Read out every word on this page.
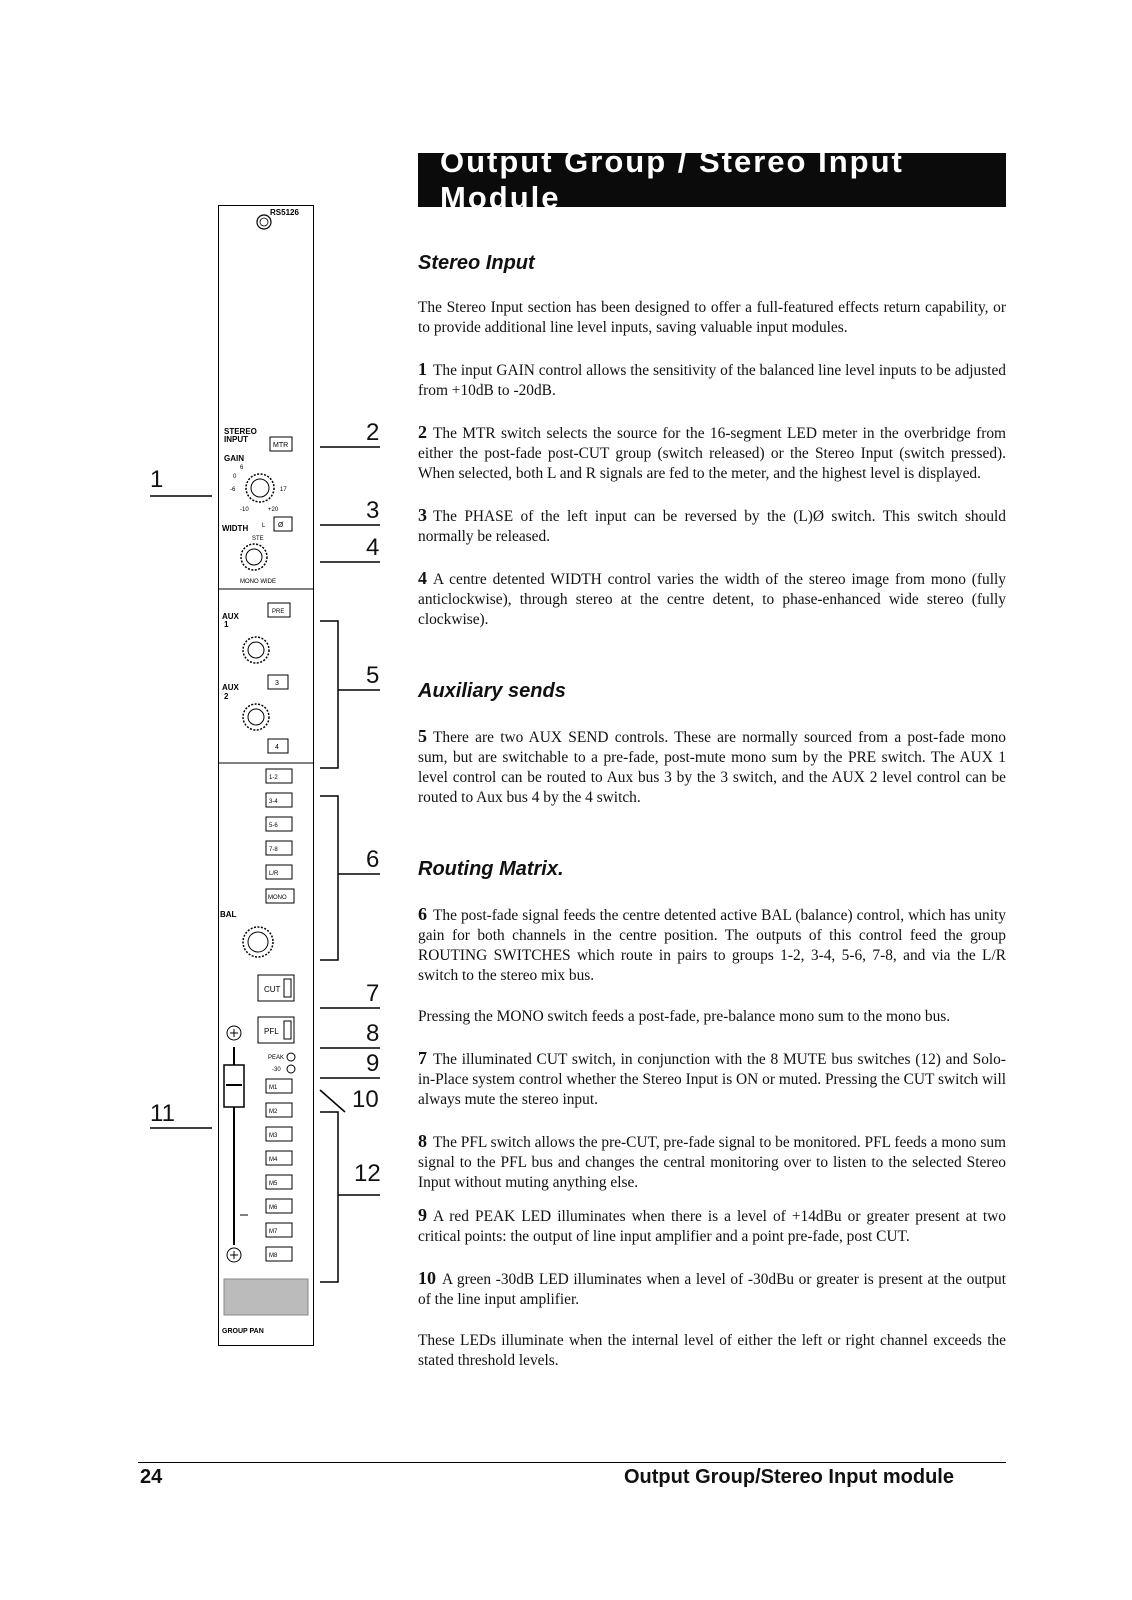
Output Group / Stereo Input Module
RS5126
STEREO
INPUT
GAIN
MTR
0
6
-6	17
-10	+20
WIDTH	Ø
L
STE
MONO WIDE
AUX
1
PRE
AUX
2
3
4
1-2
3-4
5-6
7-8
L/R
MONO
BAL
CUT
PFL
PEAK
-30
M1
M2
M3
M4
M5
M6
M7
M8
GROUP PAN
1
2
3
4
5
6
7
8
9
10
11
12
Stereo Input

The Stereo Input section has been designed to offer a full-featured effects return capability, or to provide additional line level inputs, saving valuable input modules.

1 The input GAIN control allows the sensitivity of the balanced line level inputs to be adjusted from +10dB to -20dB.

2 The MTR switch selects the source for the 16-segment LED meter in the overbridge from either the post-fade post-CUT group (switch released) or the Stereo Input (switch pressed). When selected, both L and R signals are fed to the meter, and the highest level is displayed.

3 The PHASE of the left input can be reversed by the (L)Ø switch. This switch should normally be released.

4 A centre detented WIDTH control varies the width of the stereo image from mono (fully anticlockwise), through stereo at the centre detent, to phase-enhanced wide stereo (fully clockwise).

Auxiliary sends

5 There are two AUX SEND controls. These are normally sourced from a post-fade mono sum, but are switchable to a pre-fade, post-mute mono sum by the PRE switch. The AUX 1 level control can be routed to Aux bus 3 by the 3 switch, and the AUX 2 level control can be routed to Aux bus 4 by the 4 switch.

Routing Matrix.

6 The post-fade signal feeds the centre detented active BAL (balance) control, which has unity gain for both channels in the centre position. The outputs of this control feed the group ROUTING SWITCHES which route in pairs to groups 1-2, 3-4, 5-6, 7-8, and via the L/R switch to the stereo mix bus.

Pressing the MONO switch feeds a post-fade, pre-balance mono sum to the mono bus.

7 The illuminated CUT switch, in conjunction with the 8 MUTE bus switches (12) and Solo-in-Place system control whether the Stereo Input is ON or muted. Pressing the CUT switch will always mute the stereo input.

8 The PFL switch allows the pre-CUT, pre-fade signal to be monitored. PFL feeds a mono sum signal to the PFL bus and changes the central monitoring over to listen to the selected Stereo Input without muting anything else.

9 A red PEAK LED illuminates when there is a level of +14dBu or greater present at two critical points: the output of line input amplifier and a point pre-fade, post CUT.

10 A green -30dB LED illuminates when a level of -30dBu or greater is present at the output of the line input amplifier.

These LEDs illuminate when the internal level of either the left or right channel exceeds the stated threshold levels.

24	Output Group/Stereo Input module
